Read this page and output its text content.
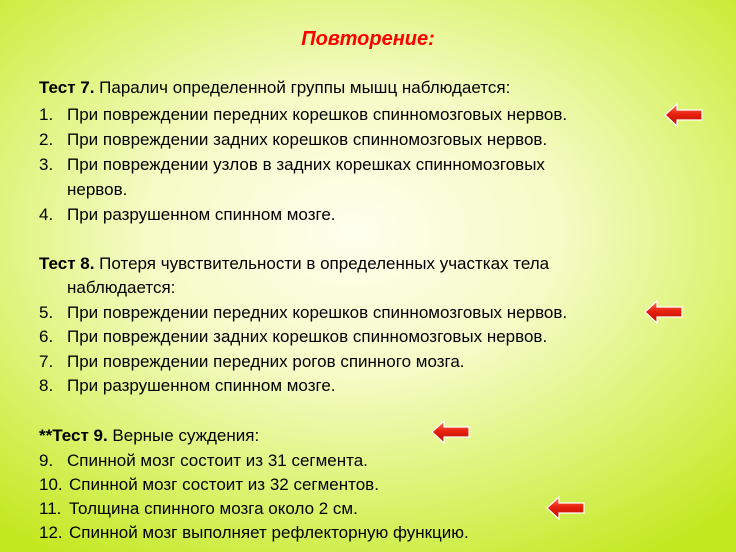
Повторение:
Тест 7. Паралич определенной группы мышц наблюдается:
1. При повреждении передних корешков спинномозговых нервов.
2. При повреждении задних корешков спинномозговых нервов.
3. При повреждении узлов в задних корешках спинномозговых
нервов.
4. При разрушенном спинном мозге.
Тест 8. Потеря чувствительности в определенных участках тела
наблюдается:
5. При повреждении передних корешков спинномозговых нервов.
6. При повреждении задних корешков спинномозговых нервов.
7. При повреждении передних рогов спинного мозга.
8. При разрушенном спинном мозге.
**Тест 9. Верные суждения:
9. Спинной мозг состоит из 31 сегмента.
10. Спинной мозг состоит из 32 сегментов.
11. Толщина спинного мозга около 2 см.
12. Спинной мозг выполняет рефлекторную функцию.
